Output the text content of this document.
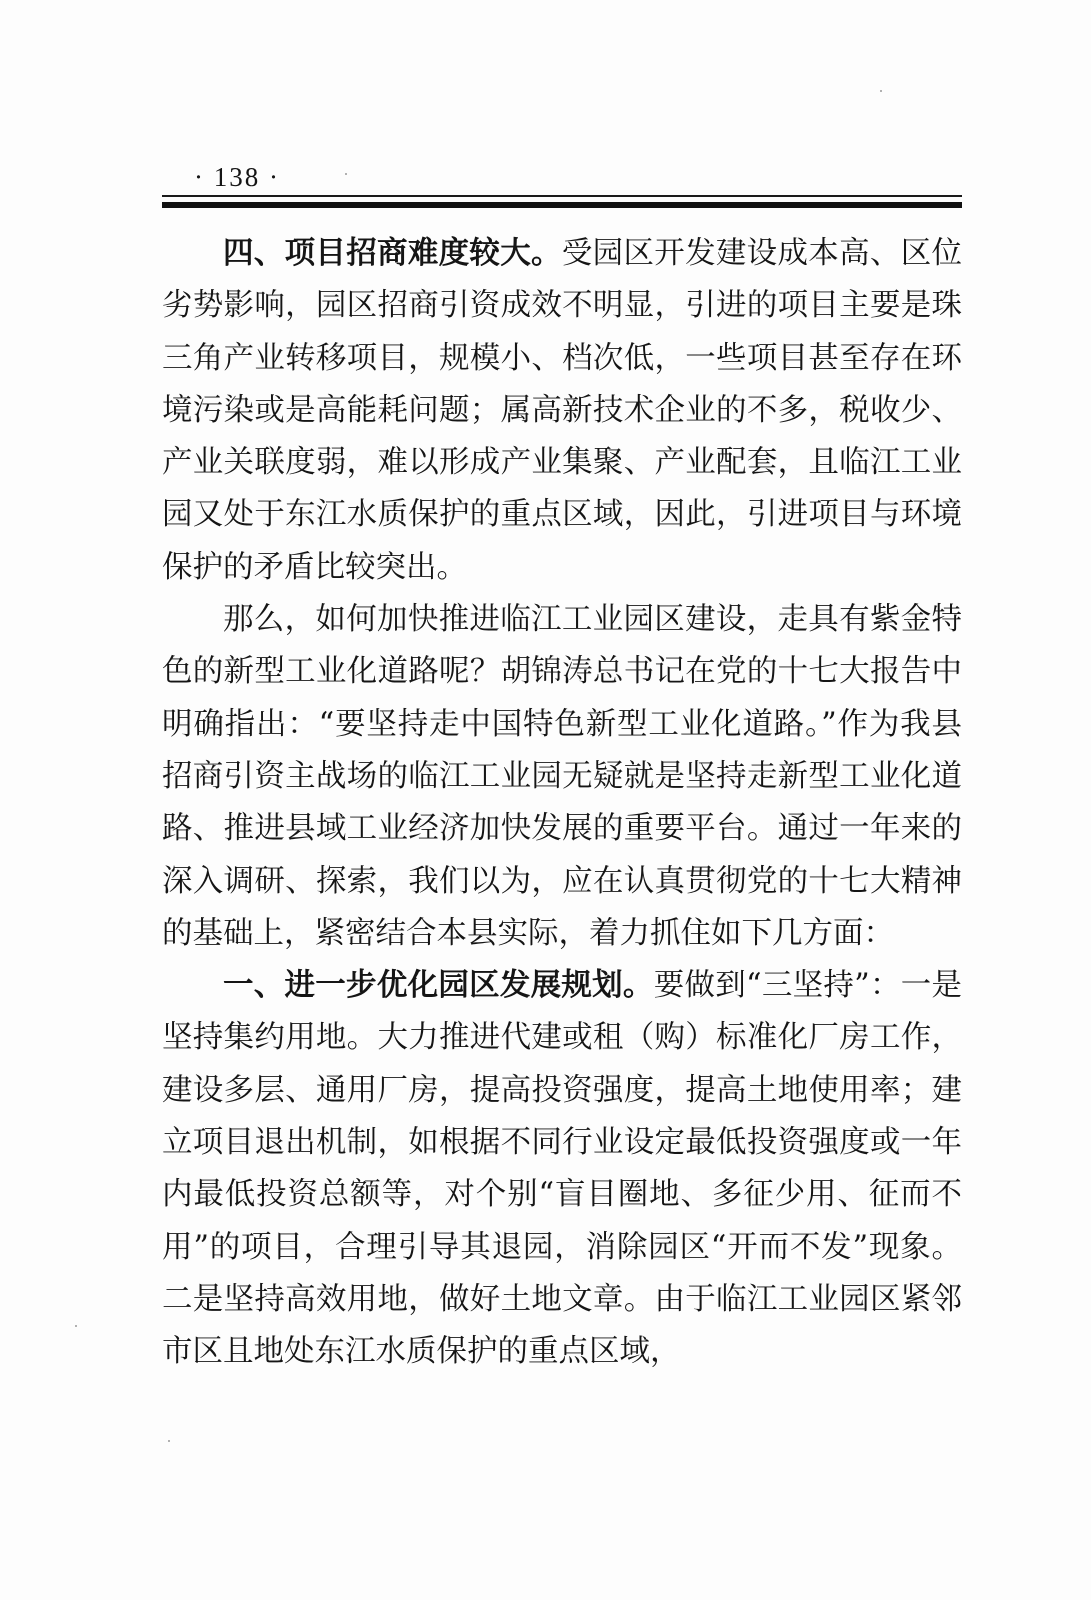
· 138 ·

四、项目招商难度较大。受园区开发建设成本高、区位劣势影响，园区招商引资成效不明显，引进的项目主要是珠三角产业转移项目，规模小、档次低，一些项目甚至存在环境污染或是高能耗问题；属高新技术企业的不多，税收少、产业关联度弱，难以形成产业集聚、产业配套，且临江工业园又处于东江水质保护的重点区域，因此，引进项目与环境保护的矛盾比较突出。

那么，如何加快推进临江工业园区建设，走具有紫金特色的新型工业化道路呢？胡锦涛总书记在党的十七大报告中明确指出：“要坚持走中国特色新型工业化道路。”作为我县招商引资主战场的临江工业园无疑就是坚持走新型工业化道路、推进县域工业经济加快发展的重要平台。通过一年来的深入调研、探索，我们以为，应在认真贯彻党的十七大精神的基础上，紧密结合本县实际，着力抓住如下几方面：

一、进一步优化园区发展规划。要做到“三坚持”：一是坚持集约用地。大力推进代建或租（购）标准化厂房工作，建设多层、通用厂房，提高投资强度，提高土地使用率；建立项目退出机制，如根据不同行业设定最低投资强度或一年内最低投资总额等，对个别“盲目圈地、多征少用、征而不用”的项目，合理引导其退园，消除园区“开而不发”现象。二是坚持高效用地，做好土地文章。由于临江工业园区紧邻市区且地处东江水质保护的重点区域，
